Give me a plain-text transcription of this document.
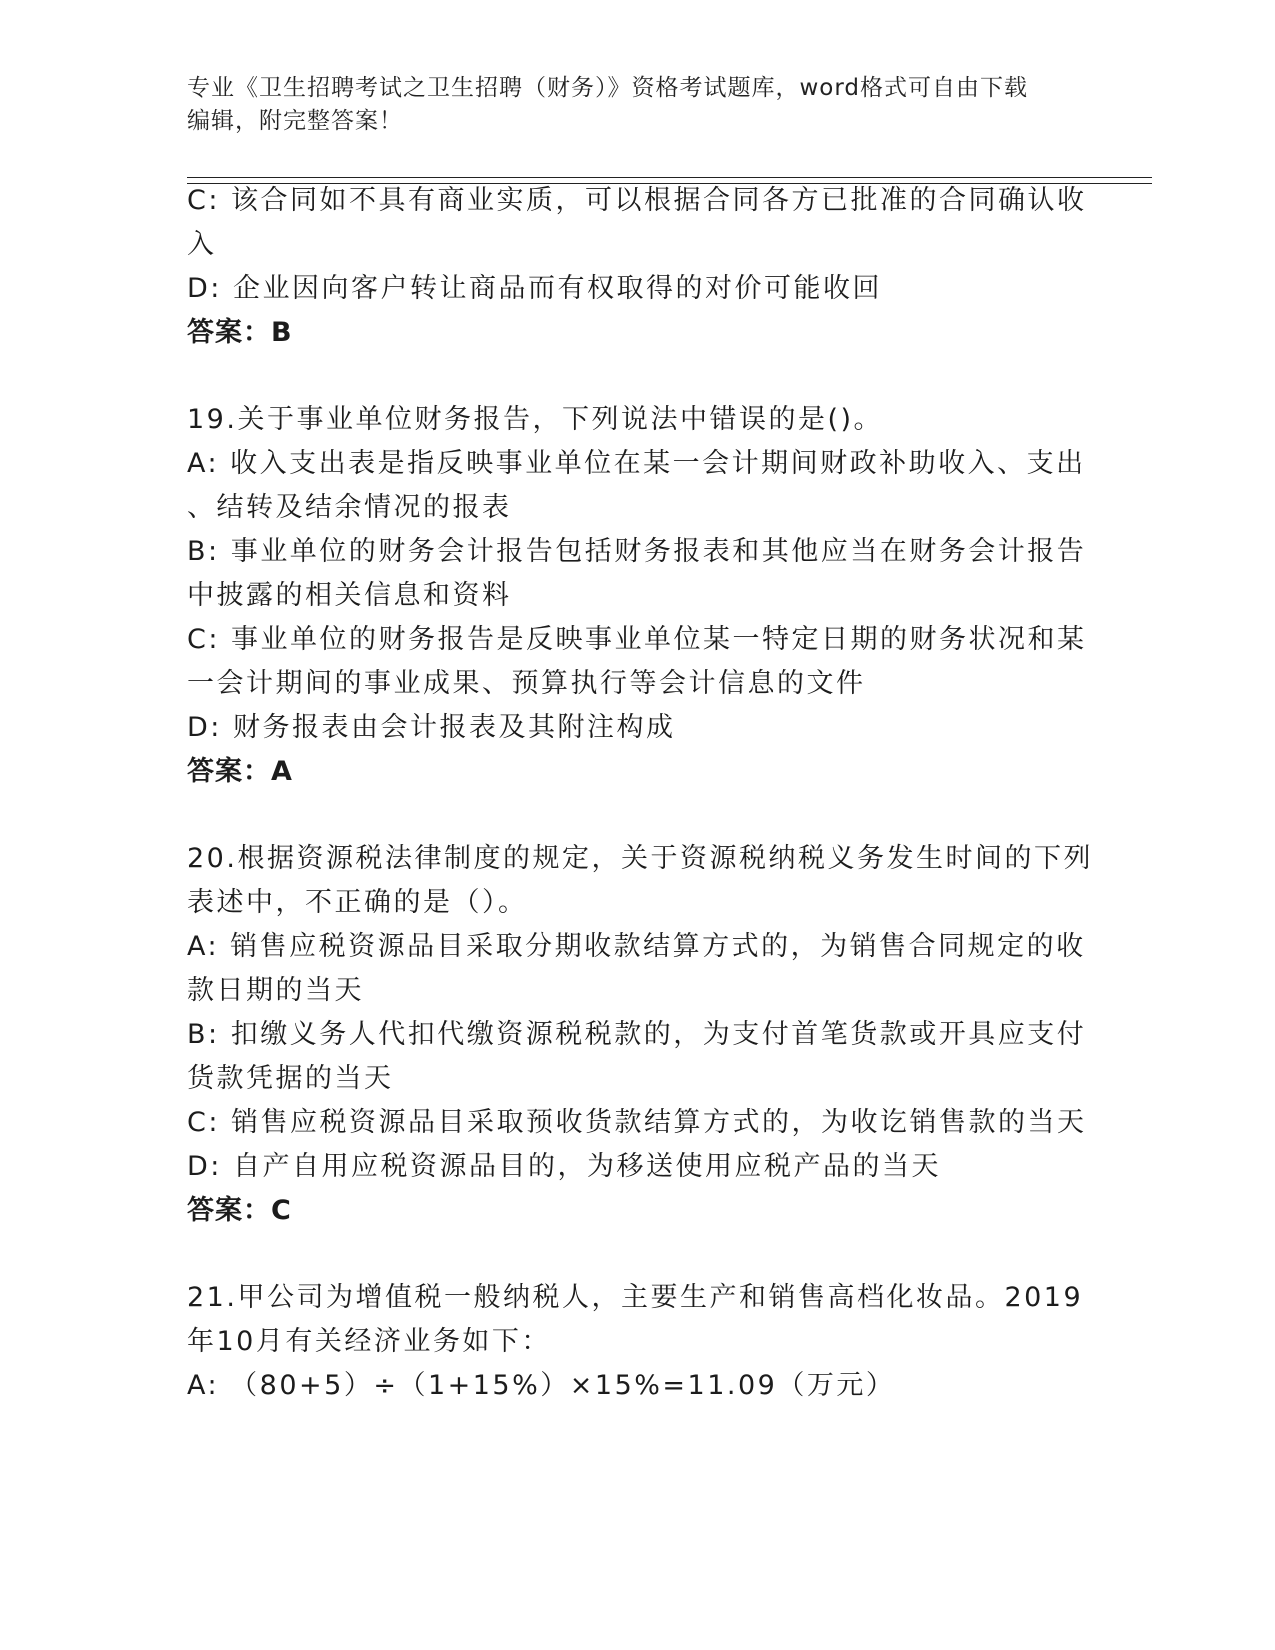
专业《卫生招聘考试之卫生招聘（财务）》资格考试题库，word格式可自由下载
编辑，附完整答案！
C: 该合同如不具有商业实质，可以根据合同各方已批准的合同确认收
入
D: 企业因向客户转让商品而有权取得的对价可能收回
答案：B
19.关于事业单位财务报告，下列说法中错误的是()。
A: 收入支出表是指反映事业单位在某一会计期间财政补助收入、支出
、结转及结余情况的报表
B: 事业单位的财务会计报告包括财务报表和其他应当在财务会计报告
中披露的相关信息和资料
C: 事业单位的财务报告是反映事业单位某一特定日期的财务状况和某
一会计期间的事业成果、预算执行等会计信息的文件
D: 财务报表由会计报表及其附注构成
答案：A
20.根据资源税法律制度的规定，关于资源税纳税义务发生时间的下列
表述中，不正确的是（）。
A: 销售应税资源品目采取分期收款结算方式的，为销售合同规定的收
款日期的当天
B: 扣缴义务人代扣代缴资源税税款的，为支付首笔货款或开具应支付
货款凭据的当天
C: 销售应税资源品目采取预收货款结算方式的，为收讫销售款的当天
D: 自产自用应税资源品目的，为移送使用应税产品的当天
答案：C
21.甲公司为增值税一般纳税人，主要生产和销售高档化妆品。2019
年10月有关经济业务如下：
A: （80+5）÷（1+15%）×15%=11.09（万元）
